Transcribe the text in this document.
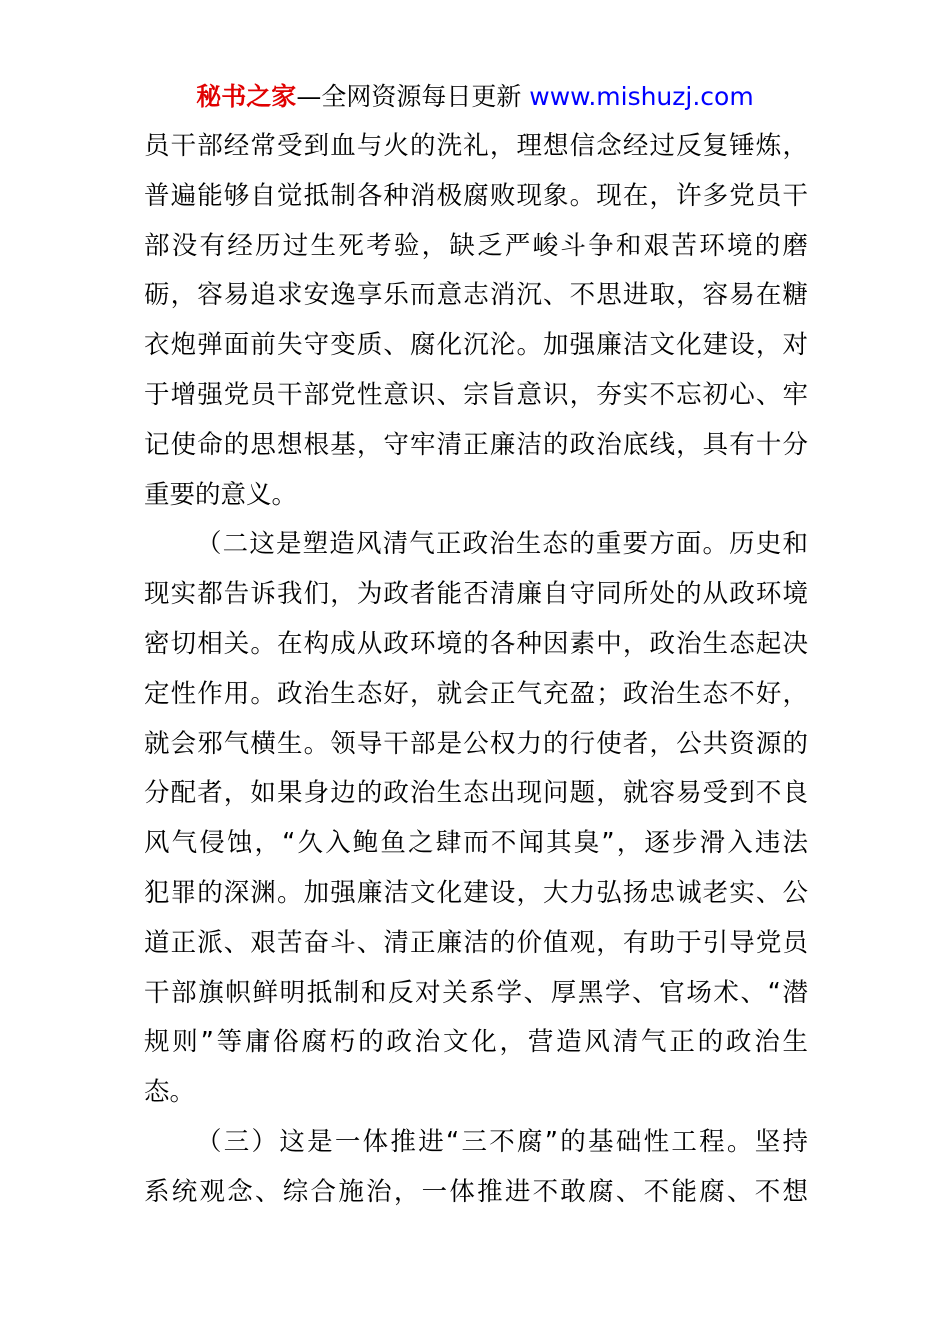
秘书之家—全网资源每日更新 www.mishuzj.com
员干部经常受到血与火的洗礼，理想信念经过反复锤炼，
普遍能够自觉抵制各种消极腐败现象。现在，许多党员干
部没有经历过生死考验，缺乏严峻斗争和艰苦环境的磨
砺，容易追求安逸享乐而意志消沉、不思进取，容易在糖
衣炮弹面前失守变质、腐化沉沦。加强廉洁文化建设，对
于增强党员干部党性意识、宗旨意识，夯实不忘初心、牢
记使命的思想根基，守牢清正廉洁的政治底线，具有十分
重要的意义。
（二这是塑造风清气正政治生态的重要方面。历史和
现实都告诉我们，为政者能否清廉自守同所处的从政环境
密切相关。在构成从政环境的各种因素中，政治生态起决
定性作用。政治生态好，就会正气充盈；政治生态不好，
就会邪气横生。领导干部是公权力的行使者，公共资源的
分配者，如果身边的政治生态出现问题，就容易受到不良
风气侵蚀，“久入鲍鱼之肆而不闻其臭”，逐步滑入违法
犯罪的深渊。加强廉洁文化建设，大力弘扬忠诚老实、公
道正派、艰苦奋斗、清正廉洁的价值观，有助于引导党员
干部旗帜鲜明抵制和反对关系学、厚黑学、官场术、“潜
规则”等庸俗腐朽的政治文化，营造风清气正的政治生
态。
（三）这是一体推进“三不腐”的基础性工程。坚持
系统观念、综合施治，一体推进不敢腐、不能腐、不想
